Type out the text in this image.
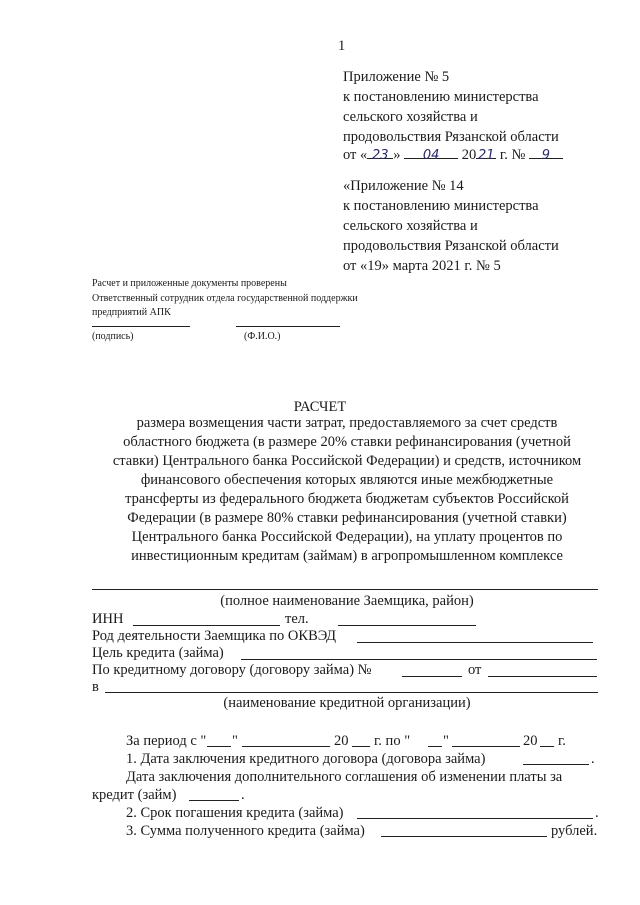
1
Приложение № 5
к постановлению министерства
сельского хозяйства и
продовольствия Рязанской области
от « 23 » 04 20 21 г. № 9
«Приложение № 14
к постановлению министерства
сельского хозяйства и
продовольствия Рязанской области
от «19» марта 2021 г. № 5
Расчет и приложенные документы проверены
Ответственный сотрудник отдела государственной поддержки
предприятий АПК
(подпись)	(Ф.И.О.)
РАСЧЕТ
размера возмещения части затрат, предоставляемого за счет средств
областного бюджета (в размере 20% ставки рефинансирования (учетной
ставки) Центрального банка Российской Федерации) и средств, источником
финансового обеспечения которых являются иные межбюджетные
трансферты из федерального бюджета бюджетам субъектов Российской
Федерации (в размере 80% ставки рефинансирования (учетной ставки)
Центрального банка Российской Федерации), на уплату процентов по
инвестиционным кредитам (займам) в агропромышленном комплексе
(полное наименование Заемщика, район)
ИНН	тел.
Род деятельности Заемщика по ОКВЭД
Цель кредита (займа)
По кредитному договору (договору займа) №	от
в
(наименование кредитной организации)
За период с " "	20 г. по " "	20 г.
1. Дата заключения кредитного договора (договора займа)	.
Дата заключения дополнительного соглашения об изменении платы за
кредит (займ)	.
2. Срок погашения кредита (займа)	.
3. Сумма полученного кредита (займа)	рублей.
